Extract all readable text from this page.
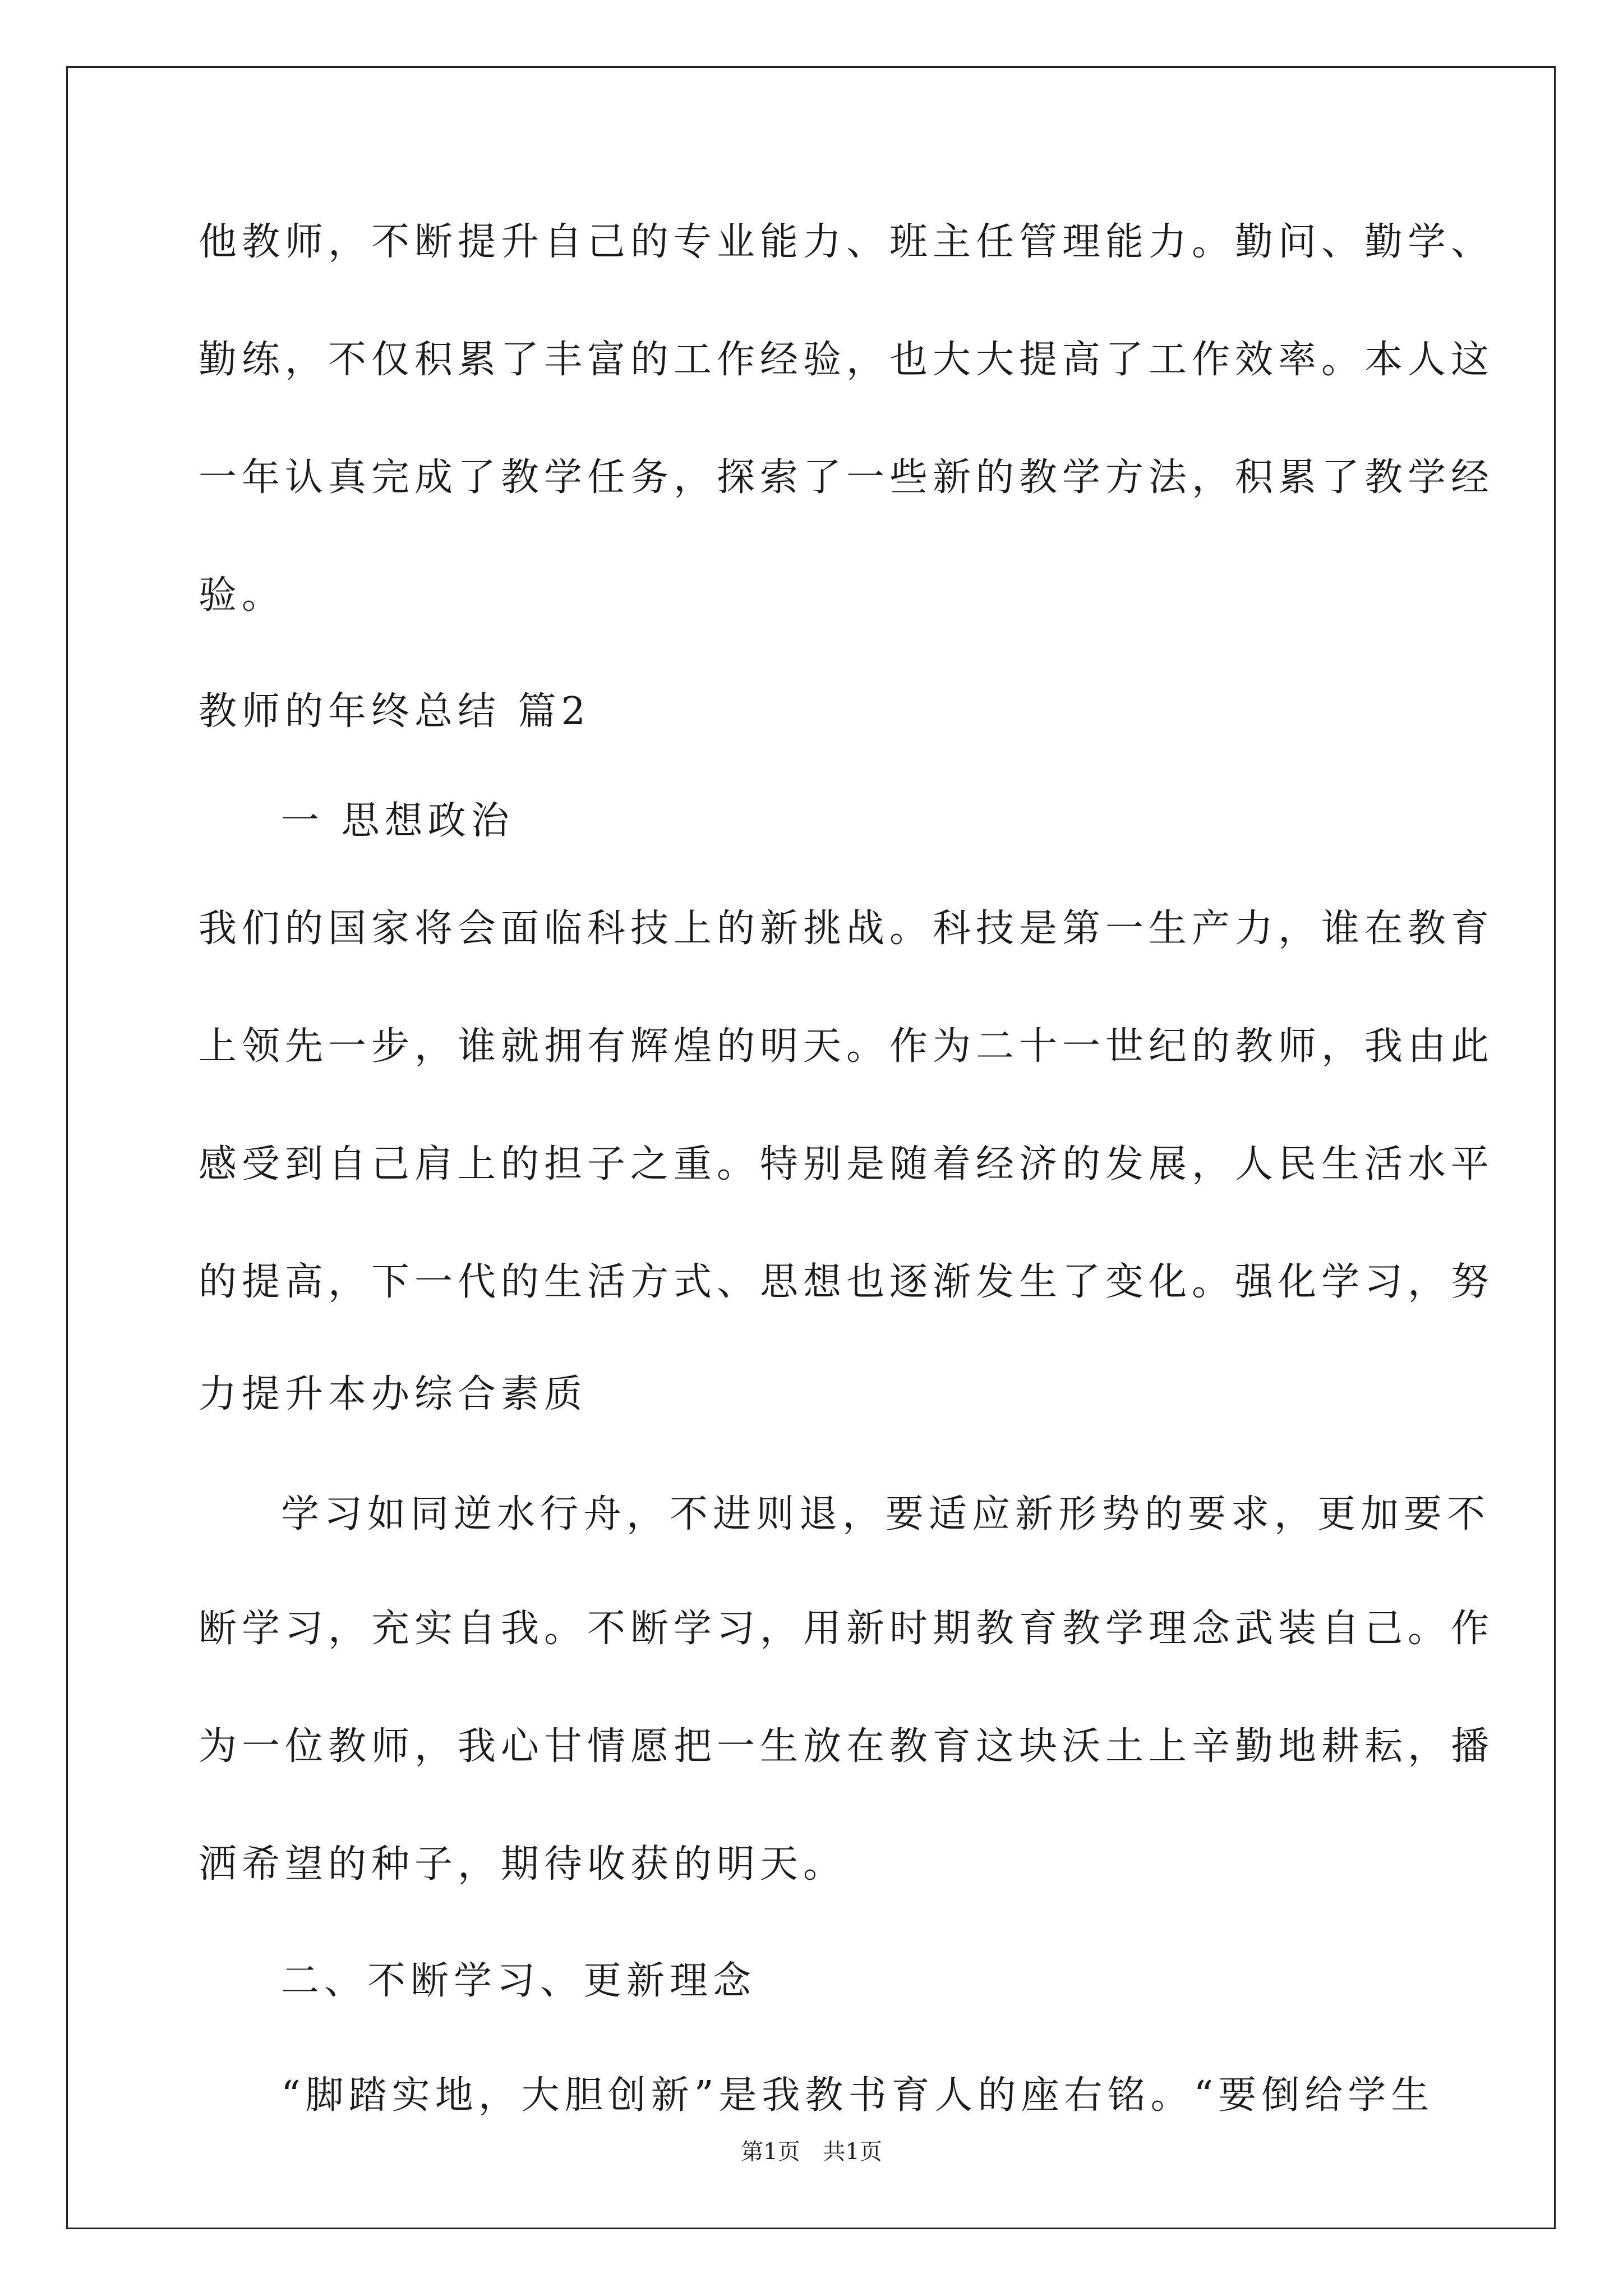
他教师，不断提升自己的专业能力、班主任管理能力。勤问、勤学、
勤练，不仅积累了丰富的工作经验，也大大提高了工作效率。本人这
一年认真完成了教学任务，探索了一些新的教学方法，积累了教学经
验。
教师的年终总结 篇2
一 思想政治
我们的国家将会面临科技上的新挑战。科技是第一生产力，谁在教育
上领先一步，谁就拥有辉煌的明天。作为二十一世纪的教师，我由此
感受到自己肩上的担子之重。特别是随着经济的发展，人民生活水平
的提高，下一代的生活方式、思想也逐渐发生了变化。强化学习，努
力提升本办综合素质
学习如同逆水行舟，不进则退，要适应新形势的要求，更加要不
断学习，充实自我。不断学习，用新时期教育教学理念武装自己。作
为一位教师，我心甘情愿把一生放在教育这块沃土上辛勤地耕耘，播
洒希望的种子，期待收获的明天。
二、不断学习、更新理念
“脚踏实地，大胆创新”是我教书育人的座右铭。“要倒给学生
第1页 共1页
